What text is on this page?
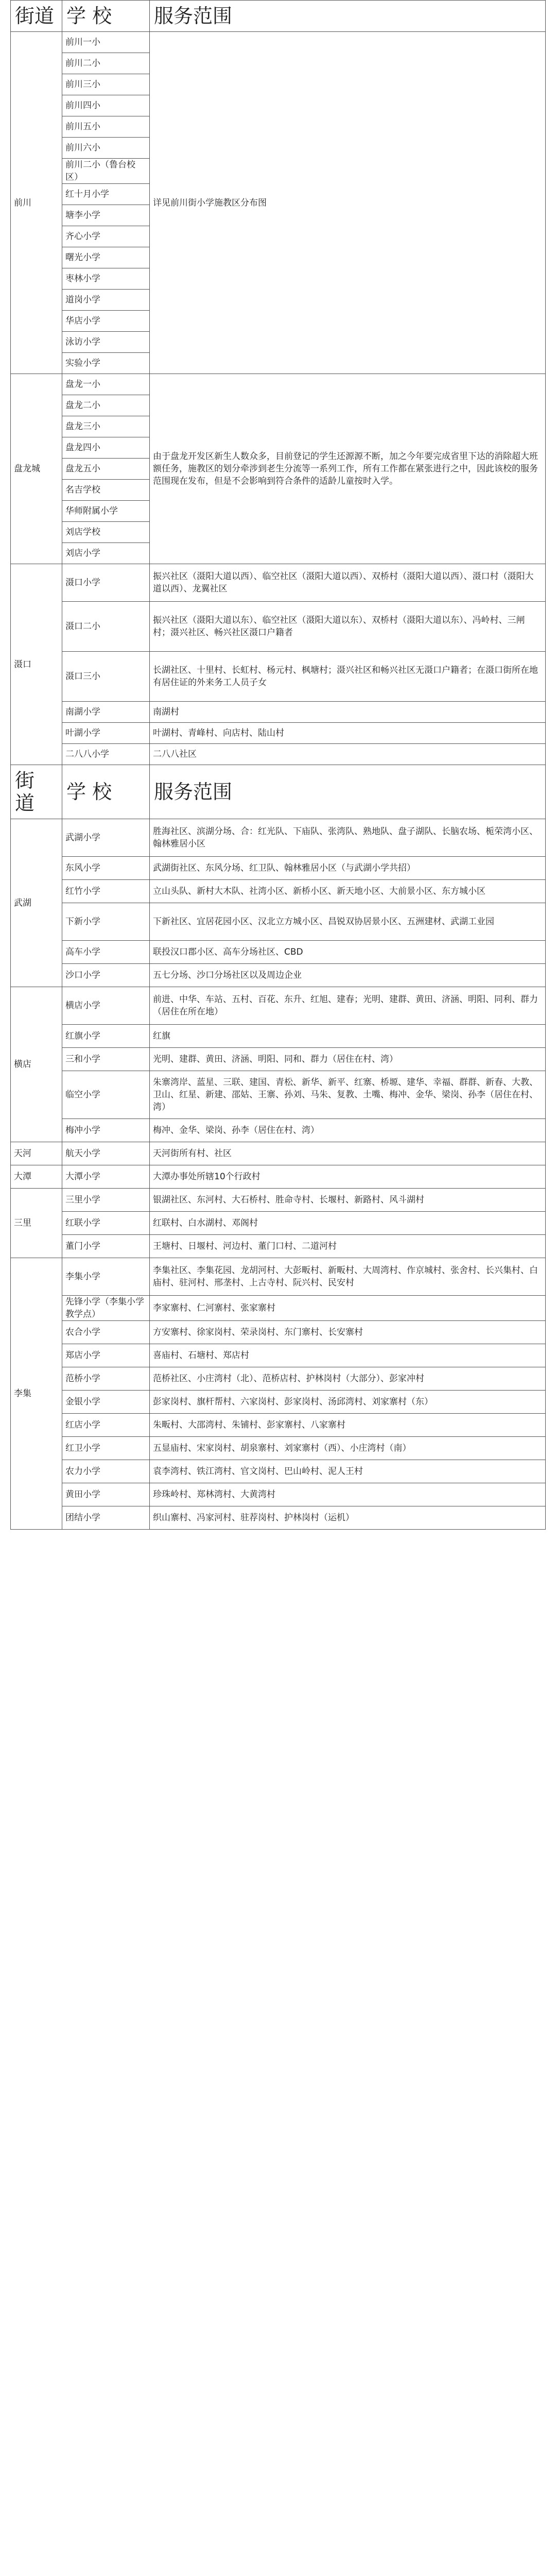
街道	学 校	服务范围
前川	前川一小	详见前川街小学施教区分布图
	前川二小	
	前川三小	
	前川四小	
	前川五小	
	前川六小	
	前川二小（鲁台校区）	
	红十月小学	
	塘李小学	
	齐心小学	
	曙光小学	
	枣林小学	
	道岗小学	
	华店小学	
	泳访小学	
	实验小学	
盘龙城	盘龙一小	由于盘龙开发区新生人数众多，目前登记的学生还源源不断，加之今年要完成省里下达的消除超大班额任务，施教区的划分牵涉到老生分流等一系列工作，所有工作都在紧张进行之中，因此该校的服务范围现在发布，但是不会影响到符合条件的适龄儿童按时入学。
	盘龙二小	
	盘龙三小	
	盘龙四小	
	盘龙五小	
	名吉学校	
	华师附属小学	
	刘店学校	
	刘店小学	
滠口	滠口小学	振兴社区（滠阳大道以西）、临空社区（滠阳大道以西）、双桥村（滠阳大道以西）、滠口村（滠阳大道以西）、龙翼社区
	滠口二小	振兴社区（滠阳大道以东）、临空社区（滠阳大道以东）、双桥村（滠阳大道以东）、冯岭村、三闸村；滠兴社区、畅兴社区滠口户籍者
	滠口三小	长湖社区、十里村、长虹村、杨元村、枫塘村；滠兴社区和畅兴社区无滠口户籍者；在滠口街所在地有居住证的外来务工人员子女
	南湖小学	南湖村
	叶湖小学	叶湖村、青峰村、向店村、陆山村
	二八八小学	二八八社区
街 道	学 校	服务范围
武湖	武湖小学	胜海社区、滨湖分场、合：红光队、下庙队、张湾队、熟地队、盘子湖队、长脑农场、栀荣湾小区、翰林雅居小区
	东风小学	武湖街社区、东风分场、红卫队、翰林雅居小区（与武湖小学共招）
	红竹小学	立山头队、新村大木队、社湾小区、新桥小区、新天地小区、大前景小区、东方城小区
	下新小学	下新社区、宜居花园小区、汉北立方城小区、昌锐双协居景小区、五洲建材、武湖工业园
	高车小学	联投汉口郡小区、高车分场社区、CBD
	沙口小学	五七分场、沙口分场社区以及周边企业
横店	横店小学	前进、中华、车站、五村、百花、东升、红旭、建春；光明、建群、黄田、济涵、明阳、同利、群力（居住在所在地）
	红旗小学	红旗
	三和小学	光明、建群、黄田、济涵、明阳、同和、群力（居住在村、湾）
	临空小学	朱寨湾岸、蓝星、三联、建国、青松、新华、新平、红寨、桥塬、建华、幸福、群群、新春、大教、卫山、红星、新建、邵姑、王寨、孙刘、马朱、复教、土嘴、梅冲、金华、梁岗、孙李（居住在村、湾）
	梅冲小学	梅冲、金华、梁岗、孙李（居住在村、湾）
天河	航天小学	天河街所有村、社区
大潭	大潭小学	大潭办事处所辖10个行政村
三里	三里小学	银湖社区、东河村、大石桥村、胜命寺村、长堰村、新路村、风斗湖村
	红联小学	红联村、白水湖村、邓阁村
	董门小学	王塘村、日堰村、河边村、董门口村、二道河村
李集	李集小学	李集社区、李集花园、龙胡河村、大彭畈村、新畈村、大周湾村、作京城村、张舍村、长兴集村、白庙村、驻河村、邢垄村、上古寺村、阮兴村、民安村
	先锋小学（李集小学教学点）	李家寨村、仁河寨村、张家寨村
	农合小学	方安寨村、徐家岗村、荣录岗村、东门寨村、长安寨村
	郑店小学	喜庙村、石塘村、郑店村
	范桥小学	范桥社区、小庄湾村（北）、范桥店村、护林岗村（大部分）、彭家冲村
	金银小学	彭家岗村、旗杆帮村、六家岗村、彭家岗村、汤邱湾村、刘家寨村（东）
	红店小学	朱畈村、大邵湾村、朱铺村、彭家寨村、八家寨村
	红卫小学	五显庙村、宋家岗村、胡泉寨村、刘家寨村（西）、小庄湾村（南）
	农力小学	袁李湾村、铁江湾村、官文岗村、巴山岭村、泥人王村
	黄田小学	珍珠岭村、郑林湾村、大黄湾村
	团结小学	织山寨村、冯家河村、驻荐岗村、护林岗村（运机）
